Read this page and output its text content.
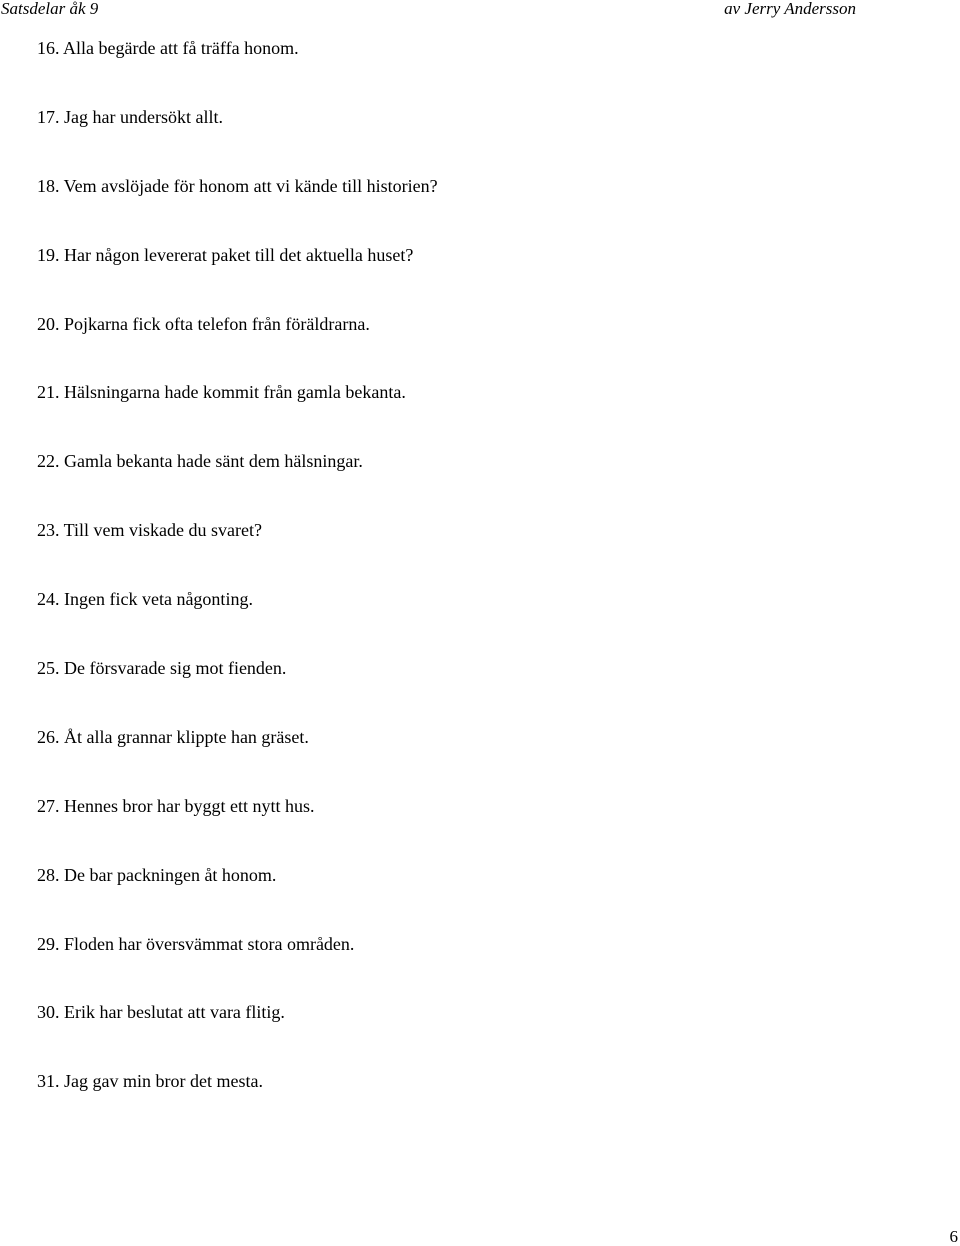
Satsdelar åk 9	av Jerry Andersson
16. Alla begärde att få träffa honom.
17. Jag har undersökt allt.
18. Vem avslöjade för honom att vi kände till historien?
19. Har någon levererat paket till det aktuella huset?
20. Pojkarna fick ofta telefon från föräldrarna.
21. Hälsningarna hade kommit från gamla bekanta.
22. Gamla bekanta hade sänt dem hälsningar.
23. Till vem viskade du svaret?
24. Ingen fick veta någonting.
25. De försvarade sig mot fienden.
26. Åt alla grannar klippte han gräset.
27. Hennes bror har byggt ett nytt hus.
28. De bar packningen åt honom.
29. Floden har översvämmat stora områden.
30. Erik har beslutat att vara flitig.
31. Jag gav min bror det mesta.
6
